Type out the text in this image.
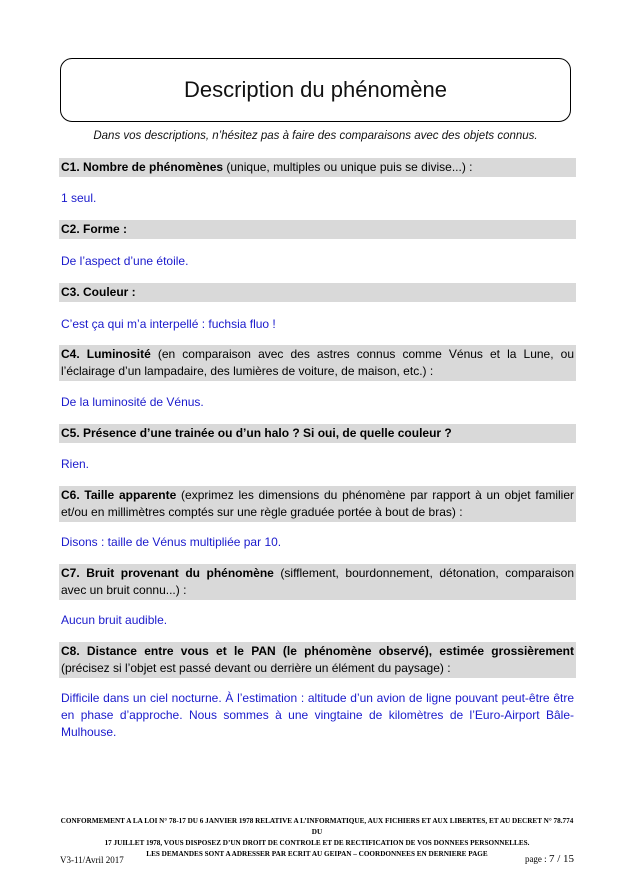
Description du phénomène
Dans vos descriptions, n’hésitez pas à faire des comparaisons avec des objets connus.
C1. Nombre de phénomènes (unique, multiples ou unique puis se divise...) :
1 seul.
C2. Forme :
De l’aspect d’une étoile.
C3. Couleur :
C’est ça qui m’a interpellé : fuchsia fluo !
C4. Luminosité (en comparaison avec des astres connus comme Vénus et la Lune, ou l’éclairage d’un lampadaire, des lumières de voiture, de maison, etc.) :
De la luminosité de Vénus.
C5. Présence d’une trainée ou d’un halo ? Si oui, de quelle couleur ?
Rien.
C6. Taille apparente (exprimez les dimensions du phénomène par rapport à un objet familier et/ou en millimètres comptés sur une règle graduée portée à bout de bras) :
Disons : taille de Vénus multipliée par 10.
C7. Bruit provenant du phénomène (sifflement, bourdonnement, détonation, comparaison avec un bruit connu...) :
Aucun bruit audible.
C8. Distance entre vous et le PAN (le phénomène observé), estimée grossièrement (précisez si l’objet est passé devant ou derrière un élément du paysage) :
Difficile dans un ciel nocturne. À l’estimation : altitude d’un avion de ligne pouvant peut-être être en phase d’approche. Nous sommes à une vingtaine de kilomètres de l’Euro-Airport Bâle-Mulhouse.
CONFORMEMENT A LA LOI N° 78-17 DU 6 JANVIER 1978 RELATIVE A L’INFORMATIQUE, AUX FICHIERS ET AUX LIBERTES, ET AU DECRET N° 78.774 DU
17 JUILLET 1978, VOUS DISPOSEZ D’UN DROIT DE CONTROLE ET DE RECTIFICATION DE VOS DONNEES PERSONNELLES.
LES DEMANDES SONT A ADRESSER PAR ECRIT AU GEIPAN – COORDONNEES EN DERNIERE PAGE
V3-11/Avril 2017	page : 7 / 15
